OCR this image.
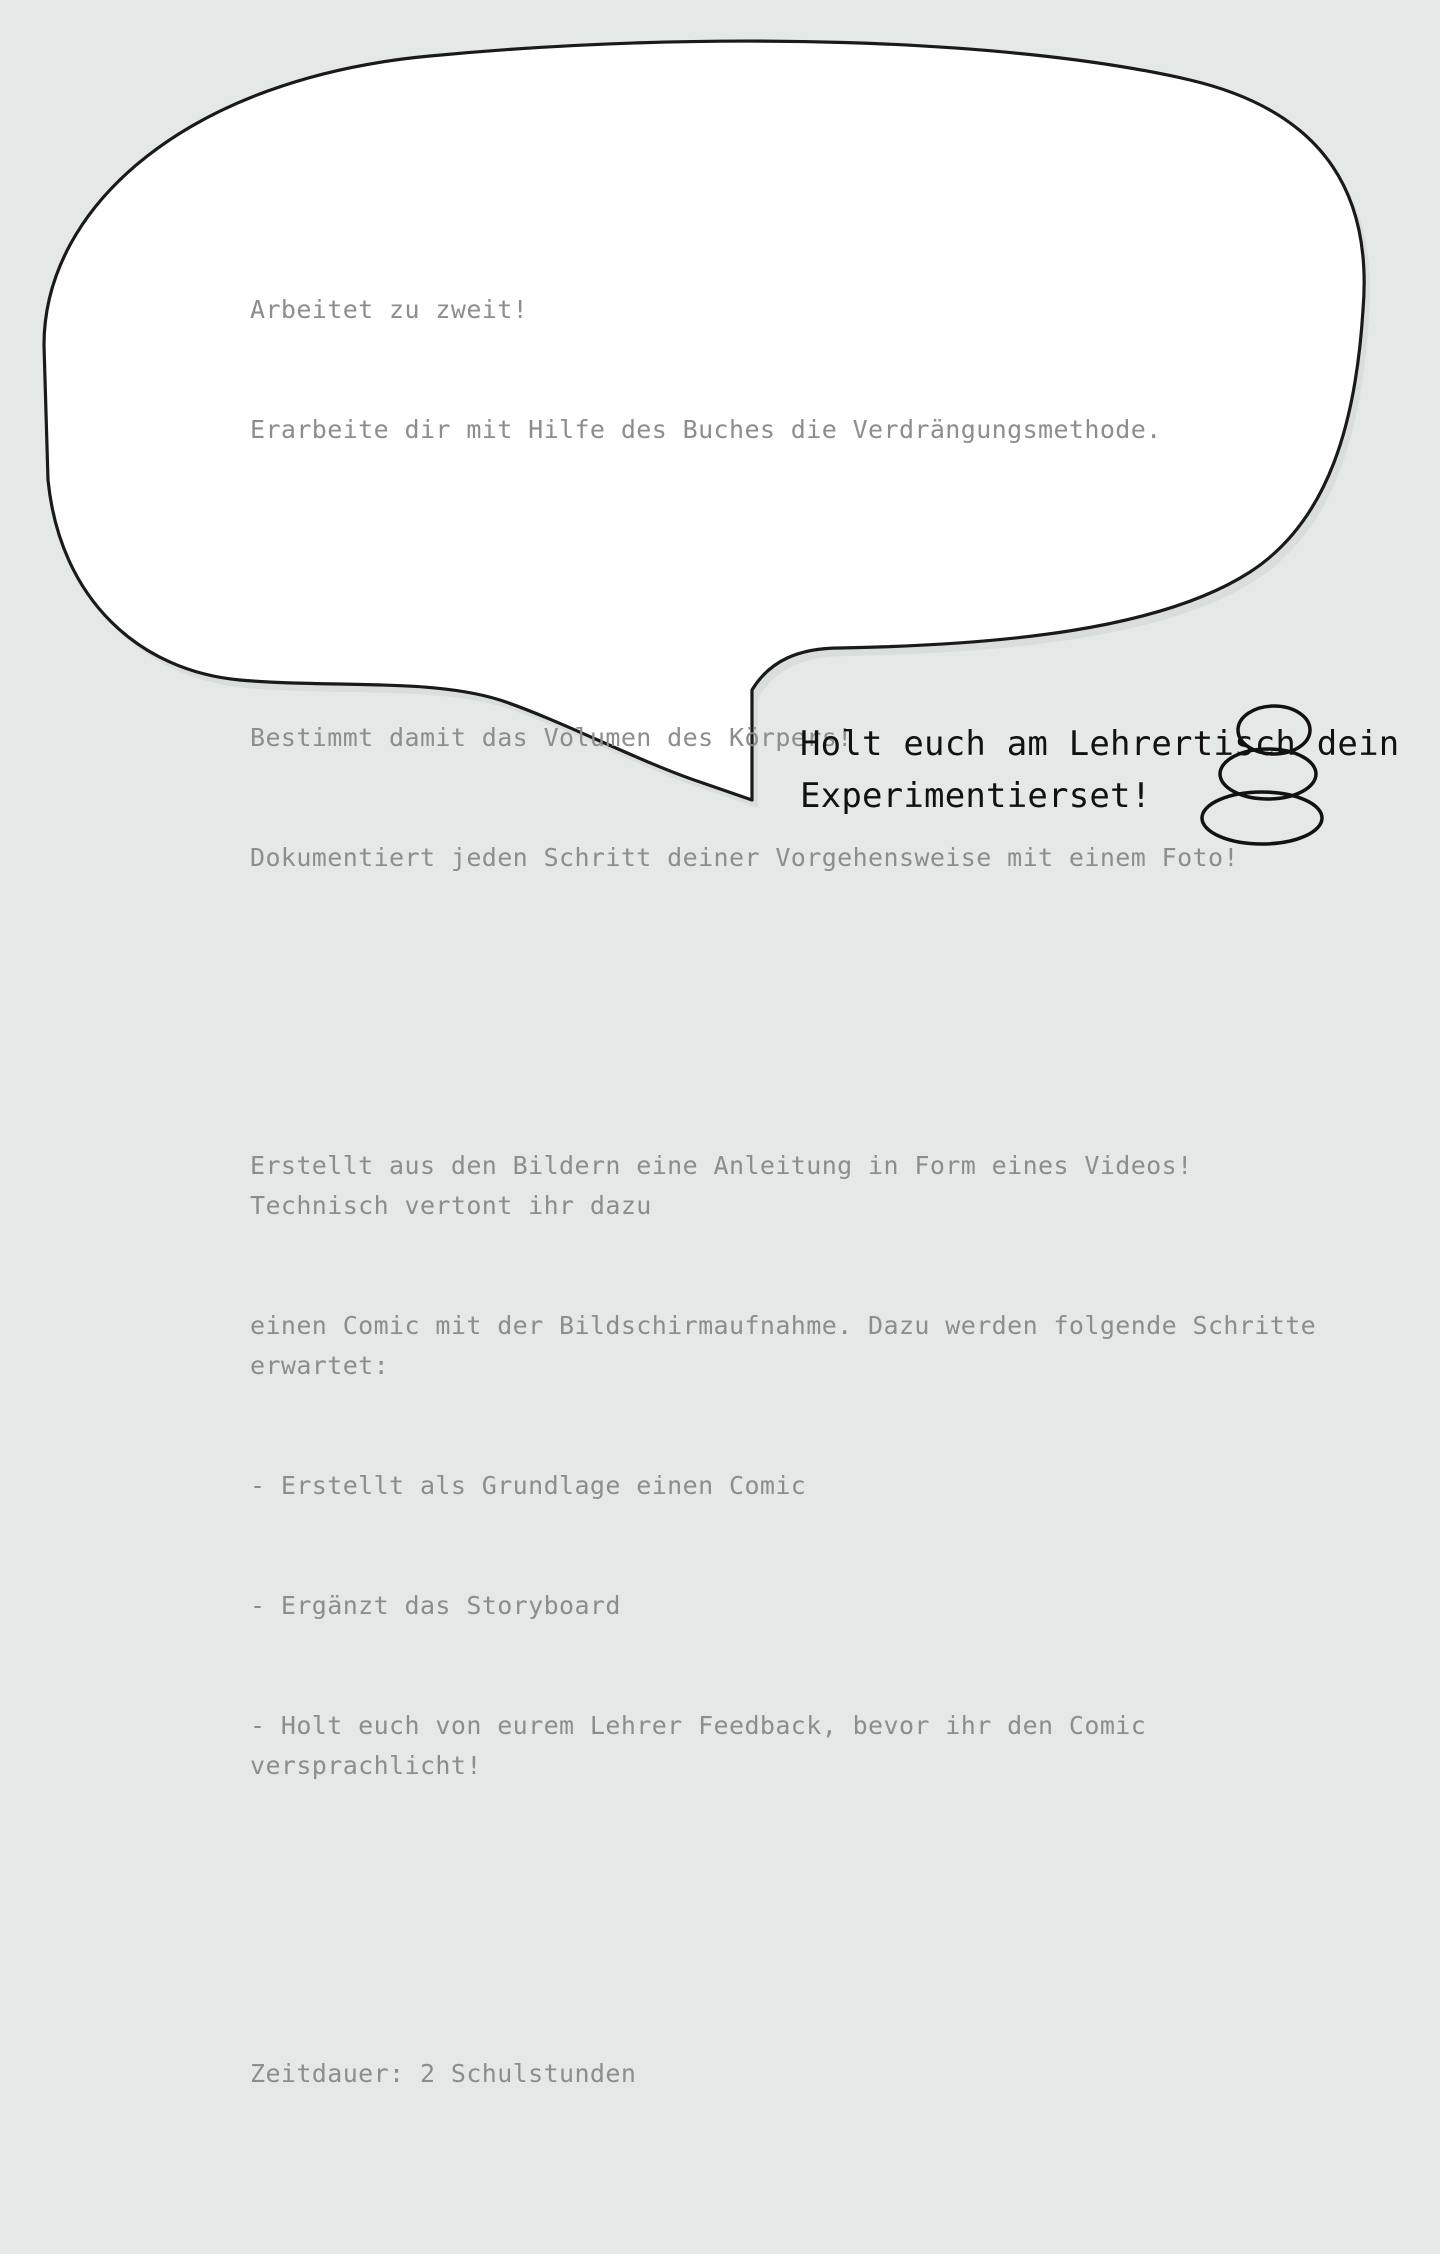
Arbeitet zu zweit!

Erarbeite dir mit Hilfe des Buches die Verdrängungsmethode.

Bestimmt damit das Volumen des Körpers!

Dokumentiert jeden Schritt deiner Vorgehensweise mit einem Foto!

Erstellt aus den Bildern eine Anleitung in Form eines Videos! Technisch vertont ihr dazu

einen Comic mit der Bildschirmaufnahme. Dazu werden folgende Schritte erwartet:

- Erstellt als Grundlage einen Comic

- Ergänzt das Storyboard

- Holt euch von eurem Lehrer Feedback, bevor ihr den Comic versprachlicht!

Zeitdauer: 2 Schulstunden

Holt euch am Lehrertisch dein
Experimentierset!
